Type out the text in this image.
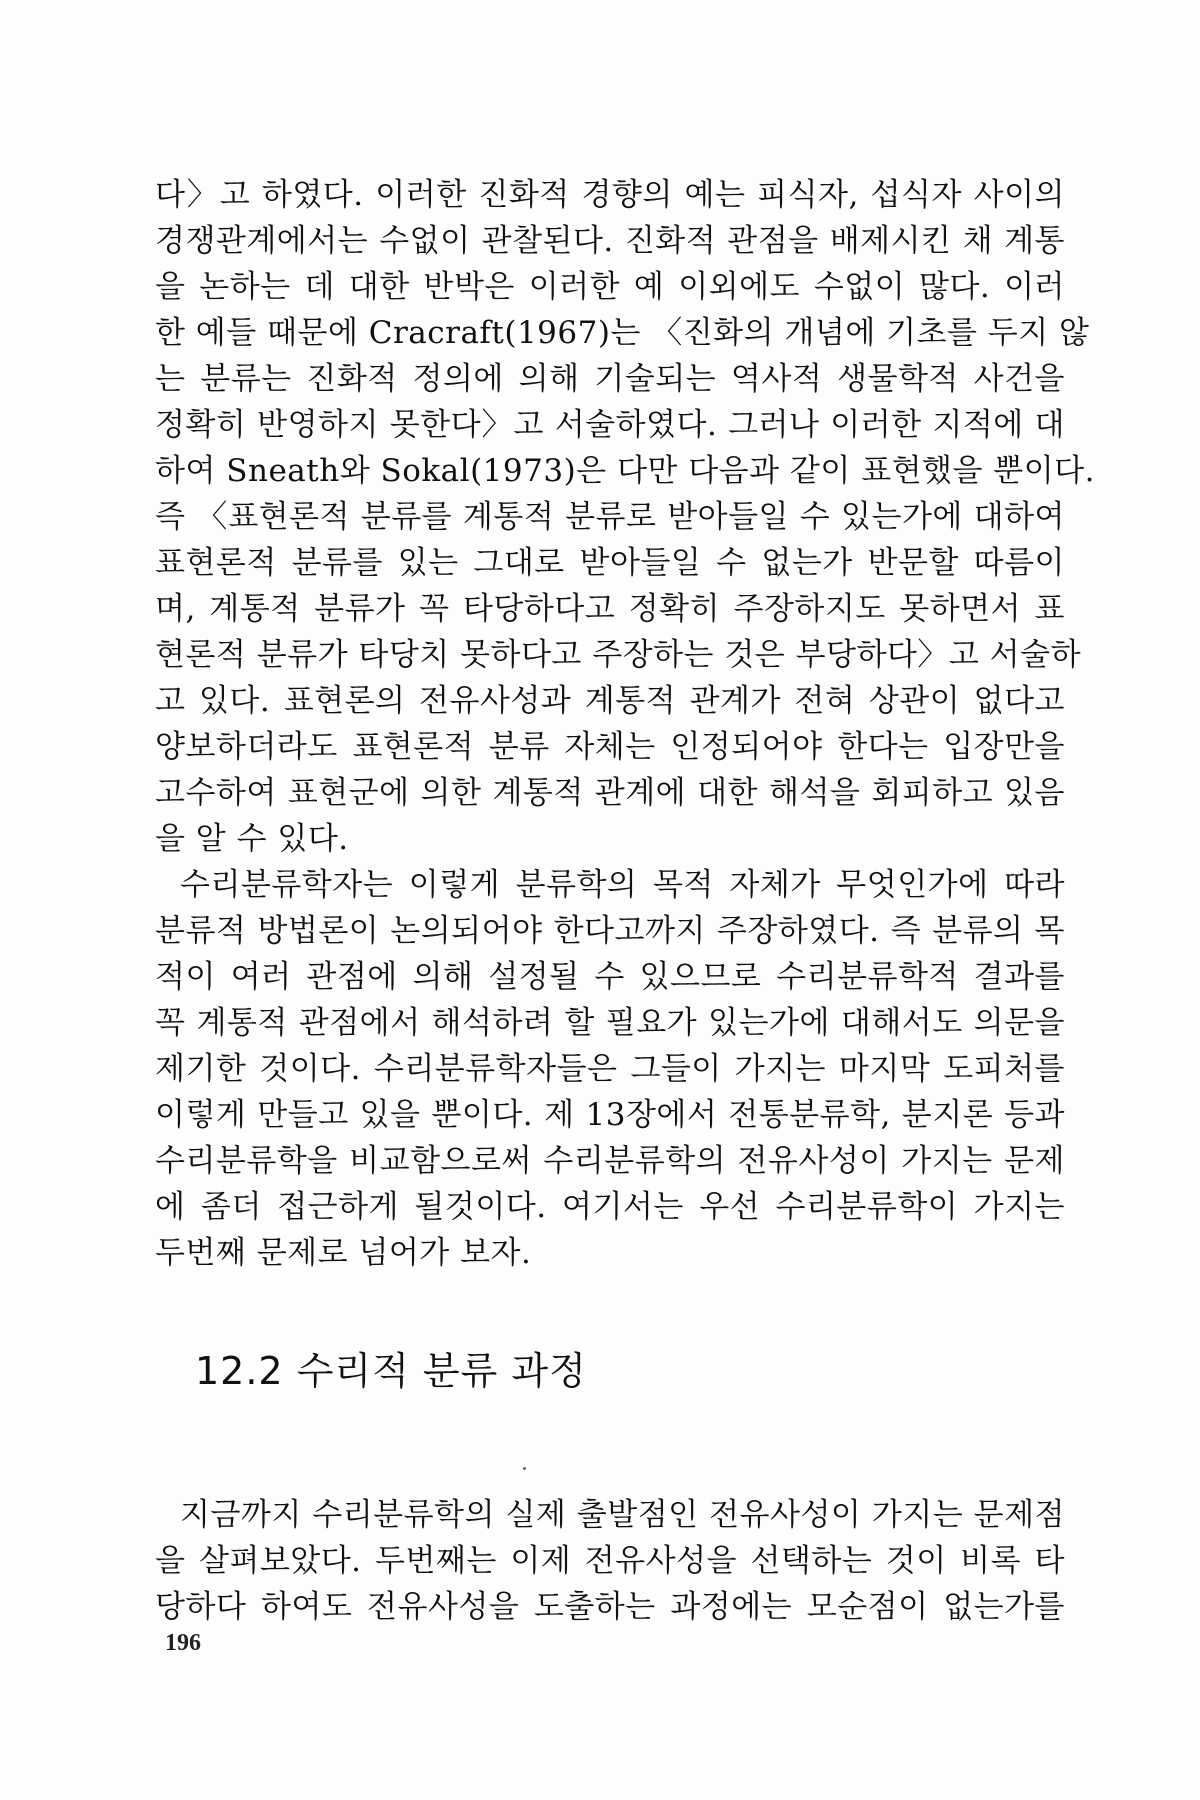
다〉고 하였다. 이러한 진화적 경향의 예는 피식자, 섭식자 사이의
경쟁관계에서는 수없이 관찰된다. 진화적 관점을 배제시킨 채 계통
을 논하는 데 대한 반박은 이러한 예 이외에도 수없이 많다. 이러
한 예들 때문에 Cracraft(1967)는 〈진화의 개념에 기초를 두지 않
는 분류는 진화적 정의에 의해 기술되는 역사적 생물학적 사건을
정확히 반영하지 못한다〉고 서술하였다. 그러나 이러한 지적에 대
하여 Sneath와 Sokal(1973)은 다만 다음과 같이 표현했을 뿐이다.
즉 〈표현론적 분류를 계통적 분류로 받아들일 수 있는가에 대하여
표현론적 분류를 있는 그대로 받아들일 수 없는가 반문할 따름이
며, 계통적 분류가 꼭 타당하다고 정확히 주장하지도 못하면서 표
현론적 분류가 타당치 못하다고 주장하는 것은 부당하다〉고 서술하
고 있다. 표현론의 전유사성과 계통적 관계가 전혀 상관이 없다고
양보하더라도 표현론적 분류 자체는 인정되어야 한다는 입장만을
고수하여 표현군에 의한 계통적 관계에 대한 해석을 회피하고 있음
을 알 수 있다.
수리분류학자는 이렇게 분류학의 목적 자체가 무엇인가에 따라
분류적 방법론이 논의되어야 한다고까지 주장하였다. 즉 분류의 목
적이 여러 관점에 의해 설정될 수 있으므로 수리분류학적 결과를
꼭 계통적 관점에서 해석하려 할 필요가 있는가에 대해서도 의문을
제기한 것이다. 수리분류학자들은 그들이 가지는 마지막 도피처를
이렇게 만들고 있을 뿐이다. 제 13장에서 전통분류학, 분지론 등과
수리분류학을 비교함으로써 수리분류학의 전유사성이 가지는 문제
에 좀더 접근하게 될것이다. 여기서는 우선 수리분류학이 가지는
두번째 문제로 넘어가 보자.
12.2 수리적 분류 과정
지금까지 수리분류학의 실제 출발점인 전유사성이 가지는 문제점
을 살펴보았다. 두번째는 이제 전유사성을 선택하는 것이 비록 타
당하다 하여도 전유사성을 도출하는 과정에는 모순점이 없는가를
196
